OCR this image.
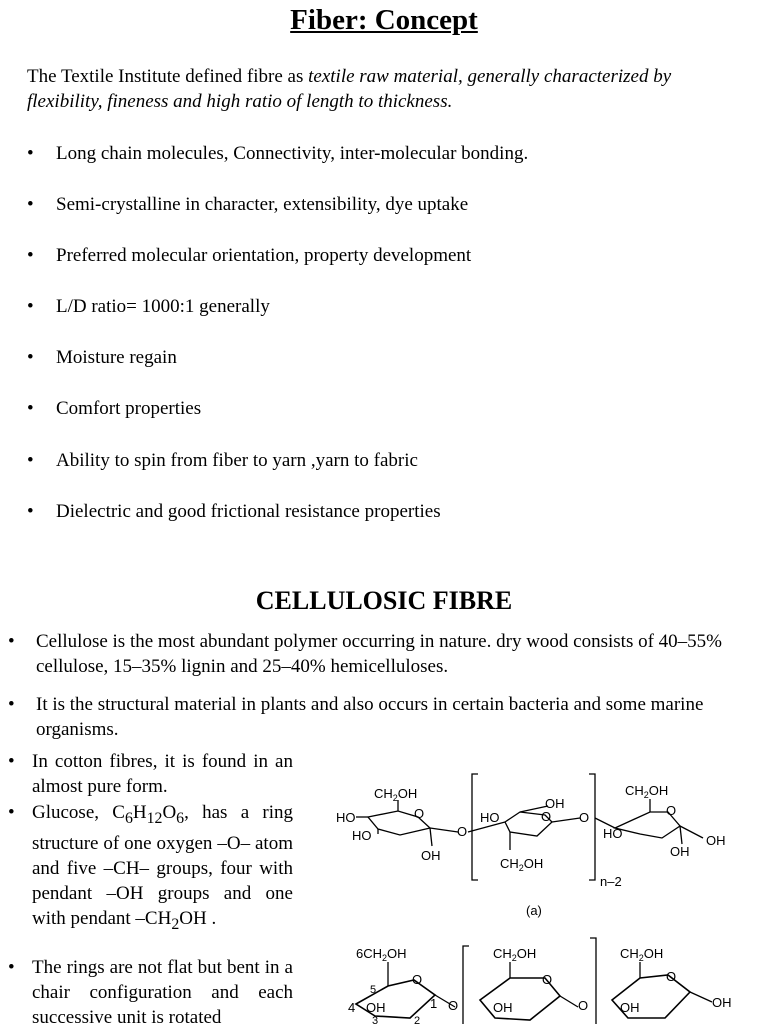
Fiber: Concept

The Textile Institute defined fibre as textile raw material, generally characterized by
flexibility, fineness and high ratio of length to thickness.

• Long chain molecules, Connectivity, inter-molecular bonding.
• Semi-crystalline in character, extensibility, dye uptake
• Preferred molecular orientation, property development
• L/D ratio= 1000:1 generally
• Moisture regain
• Comfort properties
• Ability to spin from fiber to yarn ,yarn to fabric
• Dielectric and good frictional resistance properties
CELLULOSIC FIBRE

• Cellulose is the most abundant polymer occurring in nature. dry wood consists of 40–55% cellulose, 15–35% lignin and 25–40% hemicelluloses.

• It is the structural material in plants and also occurs in certain bacteria and some marine organisms.

• In cotton fibres, it is found in an almost pure form.

• Glucose, $C_6H_{12}O_6$, has a ring structure of one oxygen –O– atom and five –CH– groups, four with pendant –OH groups and one with pendant $-CH_2OH$ .

• The rings are not flat but bent in a chair configuration and each successive unit is rotated

$CH_2OH$
O
HO
HO
OH
O
HO
OH
O
$CH_2OH$
O
$CH_2OH$
O
HO	OH
OH
n–2
(a)
$6CH_2OH$
5
O
4 OH	1 O
3	2
$CH_2OH$
O
OH	O
$CH_2OH$
O
OH	OH
